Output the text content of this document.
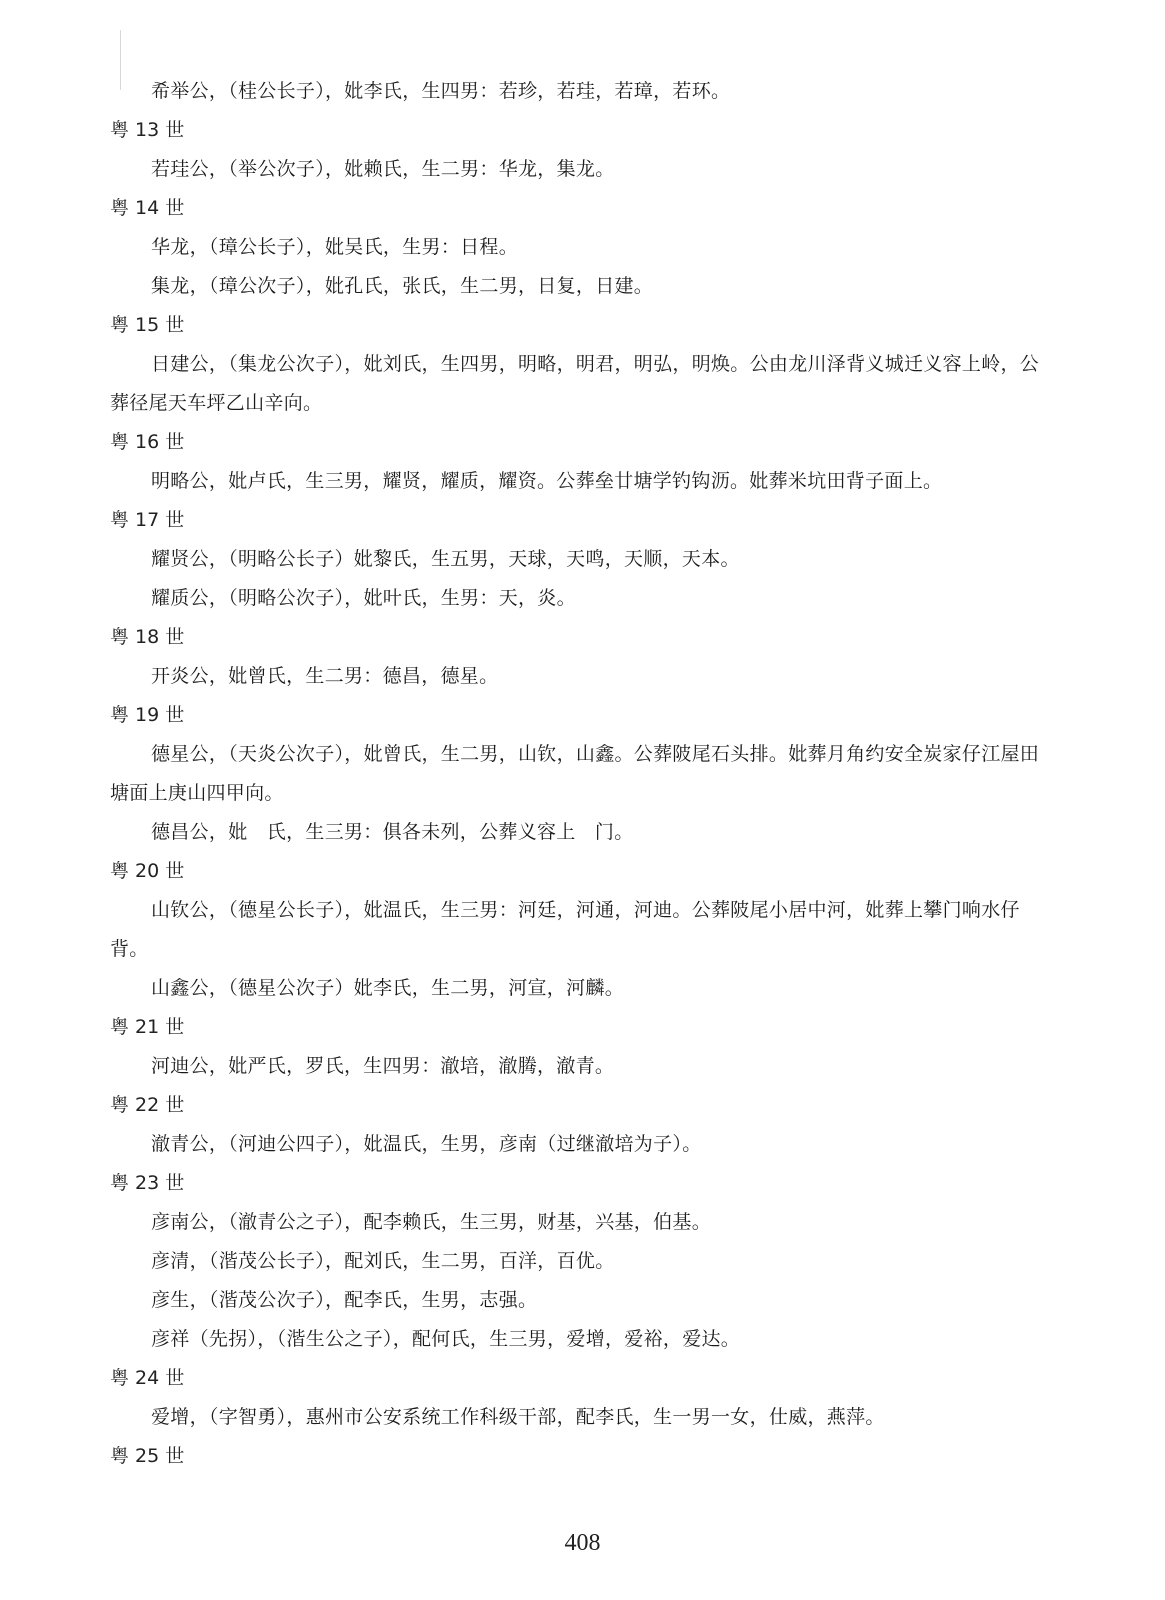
希举公，（桂公长子），妣李氏，生四男：若珍，若珪，若璋，若环。

粤 13 世

若珪公，（举公次子），妣赖氏，生二男：华龙，集龙。

粤 14 世

华龙，（璋公长子），妣吴氏，生男：日程。

集龙，（璋公次子），妣孔氏，张氏，生二男，日复，日建。

粤 15 世

日建公，（集龙公次子），妣刘氏，生四男，明略，明君，明弘，明焕。公由龙川泽背义城迁义容上岭，公葬径尾天车坪乙山辛向。

粤 16 世

明略公，妣卢氏，生三男，耀贤，耀质，耀资。公葬垒廿塘学钓钩沥。妣葬米坑田背子面上。

粤 17 世

耀贤公，（明略公长子）妣黎氏，生五男，天球，天鸣，天顺，天本。

耀质公，（明略公次子），妣叶氏，生男：天，炎。

粤 18 世

开炎公，妣曾氏，生二男：德昌，德星。

粤 19 世

德星公，（天炎公次子），妣曾氏，生二男，山钦，山鑫。公葬陂尾石头排。妣葬月角约安全炭家仔江屋田塘面上庚山四甲向。

德昌公，妣　氏，生三男：俱各未列，公葬义容上　门。

粤 20 世

山钦公，（德星公长子），妣温氏，生三男：河廷，河通，河迪。公葬陂尾小居中河，妣葬上攀门响水仔背。

山鑫公，（德星公次子）妣李氏，生二男，河宣，河麟。

粤 21 世

河迪公，妣严氏，罗氏，生四男：澈培，澈腾，澈青。

粤 22 世

澈青公，（河迪公四子），妣温氏，生男，彦南（过继澈培为子）。

粤 23 世

彦南公，（澈青公之子），配李赖氏，生三男，财基，兴基，伯基。

彦清，（湝茂公长子），配刘氏，生二男，百洋，百优。

彦生，（湝茂公次子），配李氏，生男，志强。

彦祥（先拐），（湝生公之子），配何氏，生三男，爱增，爱裕，爱达。

粤 24 世

爱增，（字智勇），惠州市公安系统工作科级干部，配李氏，生一男一女，仕威，燕萍。

粤 25 世

408
